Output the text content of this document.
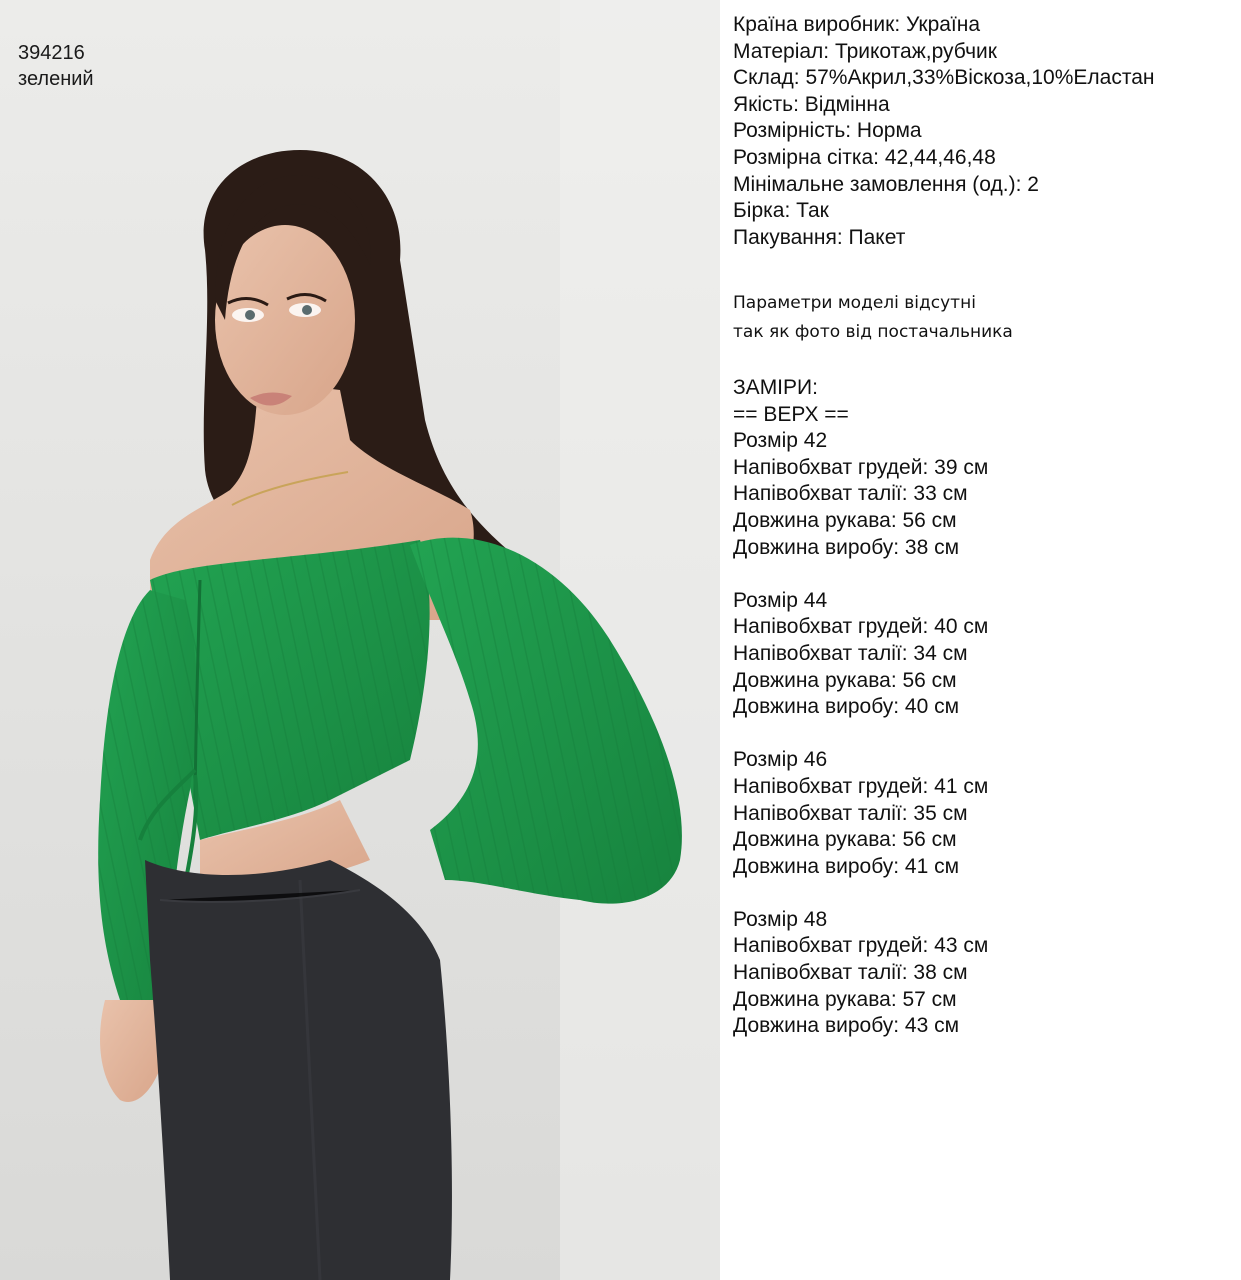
394216
зелений
Країна виробник: Україна
Матеріал: Трикотаж,рубчик
Склад: 57%Акрил,33%Віскоза,10%Еластан
Якість: Відмінна
Розмірність: Норма
Розмірна сітка: 42,44,46,48
Мінімальне замовлення (од.): 2
Бірка: Так
Пакування: Пакет
Параметри моделі відсутні
так як фото від постачальника
ЗАМІРИ:
== ВЕРХ ==
Розмір 42
Напівобхват грудей: 39 см
Напівобхват талії: 33 см
Довжина рукава: 56 см
Довжина виробу: 38 см
Розмір 44
Напівобхват грудей: 40 см
Напівобхват талії: 34 см
Довжина рукава: 56 см
Довжина виробу: 40 см
Розмір 46
Напівобхват грудей: 41 см
Напівобхват талії: 35 см
Довжина рукава: 56 см
Довжина виробу: 41 см
Розмір 48
Напівобхват грудей: 43 см
Напівобхват талії: 38 см
Довжина рукава: 57 см
Довжина виробу: 43 см
